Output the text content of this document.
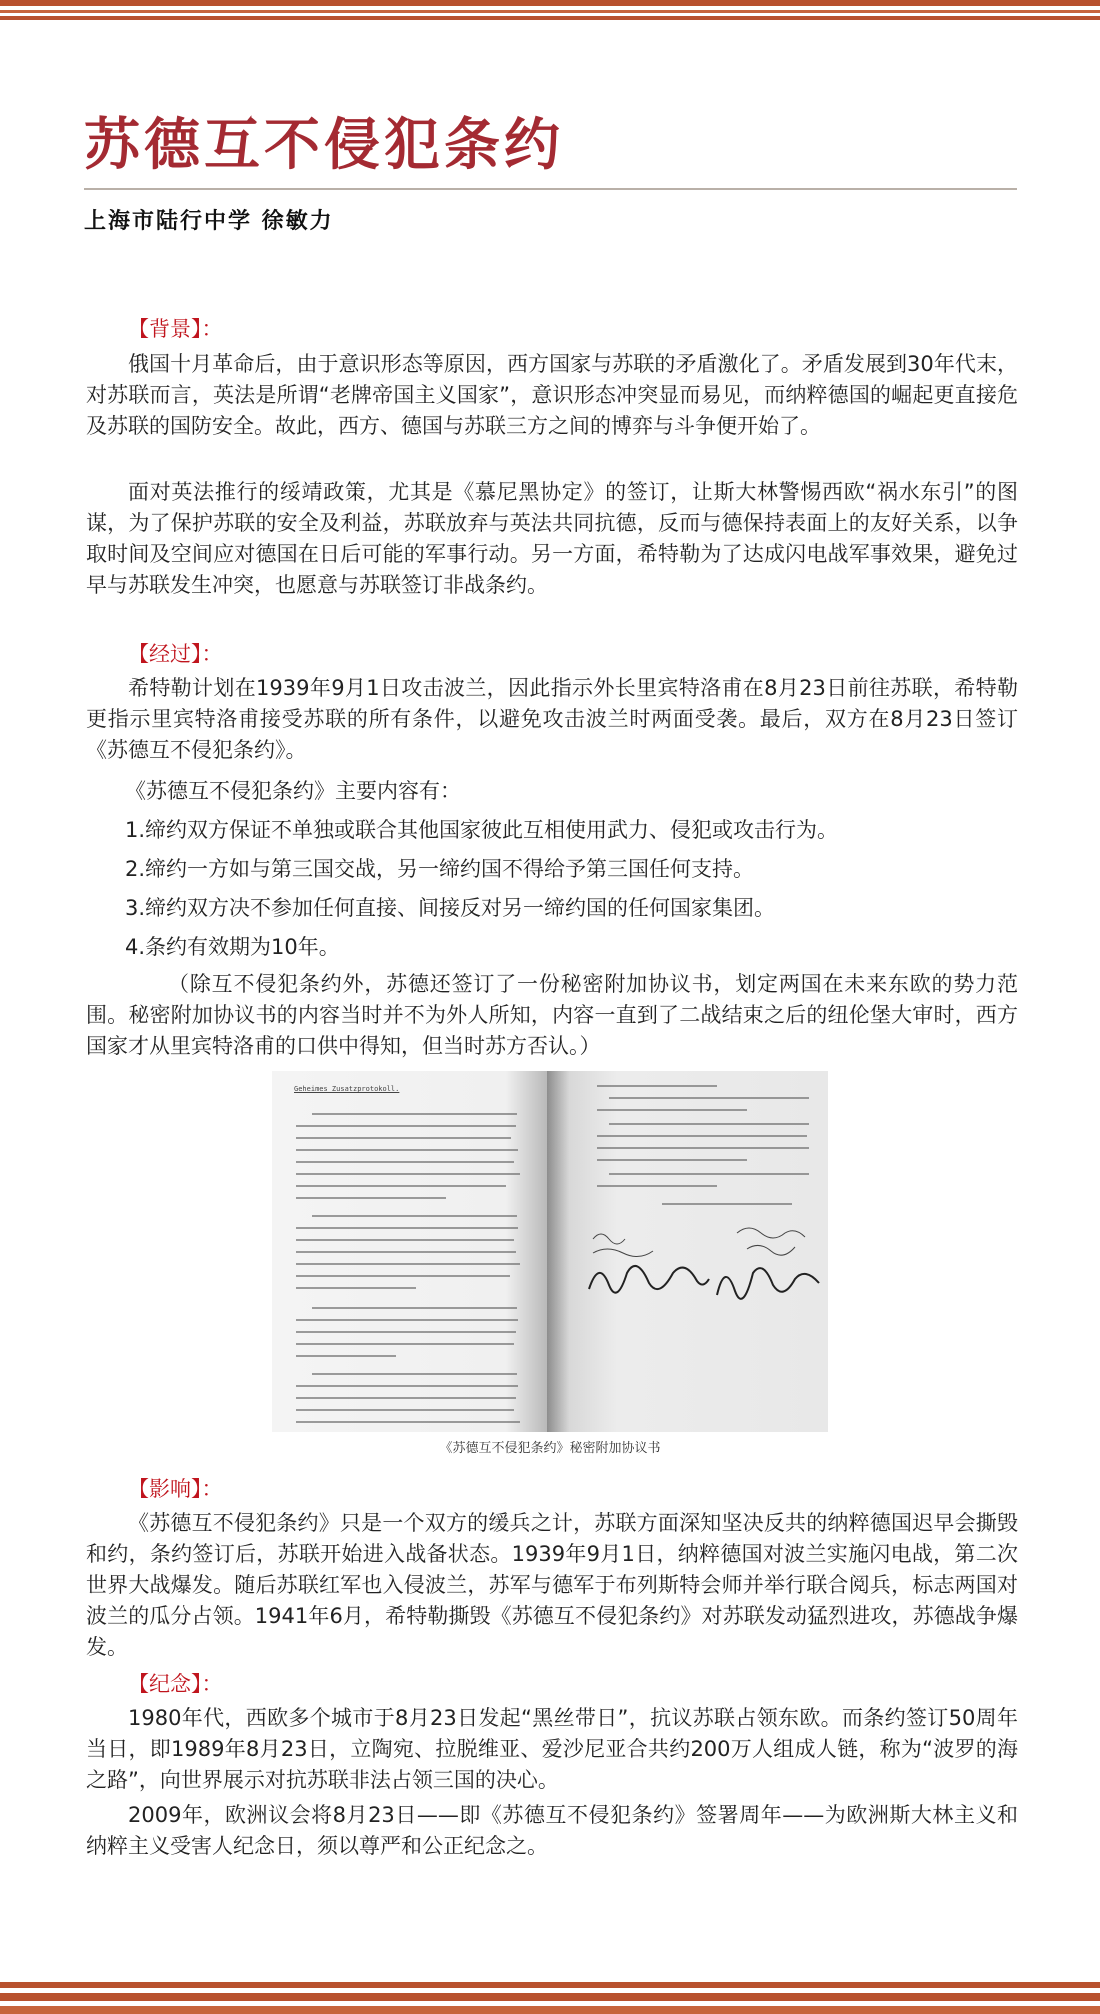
苏德互不侵犯条约
上海市陆行中学 徐敏力
【背景】：
俄国十月革命后，由于意识形态等原因，西方国家与苏联的矛盾激化了。矛盾发展到30年代末，对苏联而言，英法是所谓“老牌帝国主义国家”，意识形态冲突显而易见，而纳粹德国的崛起更直接危及苏联的国防安全。故此，西方、德国与苏联三方之间的博弈与斗争便开始了。
面对英法推行的绥靖政策，尤其是《慕尼黑协定》的签订，让斯大林警惕西欧“祸水东引”的图谋，为了保护苏联的安全及利益，苏联放弃与英法共同抗德，反而与德保持表面上的友好关系，以争取时间及空间应对德国在日后可能的军事行动。另一方面，希特勒为了达成闪电战军事效果，避免过早与苏联发生冲突，也愿意与苏联签订非战条约。
【经过】：
希特勒计划在1939年9月1日攻击波兰，因此指示外长里宾特洛甫在8月23日前往苏联，希特勒更指示里宾特洛甫接受苏联的所有条件，以避免攻击波兰时两面受袭。最后，双方在8月23日签订《苏德互不侵犯条约》。
《苏德互不侵犯条约》主要内容有：
1.缔约双方保证不单独或联合其他国家彼此互相使用武力、侵犯或攻击行为。
2.缔约一方如与第三国交战，另一缔约国不得给予第三国任何支持。
3.缔约双方决不参加任何直接、间接反对另一缔约国的任何国家集团。
4.条约有效期为10年。
（除互不侵犯条约外，苏德还签订了一份秘密附加协议书，划定两国在未来东欧的势力范围。秘密附加协议书的内容当时并不为外人所知，内容一直到了二战结束之后的纽伦堡大审时，西方国家才从里宾特洛甫的口供中得知，但当时苏方否认。）
Geheimes Zusatzprotokoll.
《苏德互不侵犯条约》秘密附加协议书
【影响】：
《苏德互不侵犯条约》只是一个双方的缓兵之计，苏联方面深知坚决反共的纳粹德国迟早会撕毁和约，条约签订后，苏联开始进入战备状态。1939年9月1日，纳粹德国对波兰实施闪电战，第二次世界大战爆发。随后苏联红军也入侵波兰，苏军与德军于布列斯特会师并举行联合阅兵，标志两国对波兰的瓜分占领。1941年6月，希特勒撕毁《苏德互不侵犯条约》对苏联发动猛烈进攻，苏德战争爆发。
【纪念】：
1980年代，西欧多个城市于8月23日发起“黑丝带日”，抗议苏联占领东欧。而条约签订50周年当日，即1989年8月23日，立陶宛、拉脱维亚、爱沙尼亚合共约200万人组成人链，称为“波罗的海之路”，向世界展示对抗苏联非法占领三国的决心。
2009年，欧洲议会将8月23日——即《苏德互不侵犯条约》签署周年——为欧洲斯大林主义和纳粹主义受害人纪念日，须以尊严和公正纪念之。
